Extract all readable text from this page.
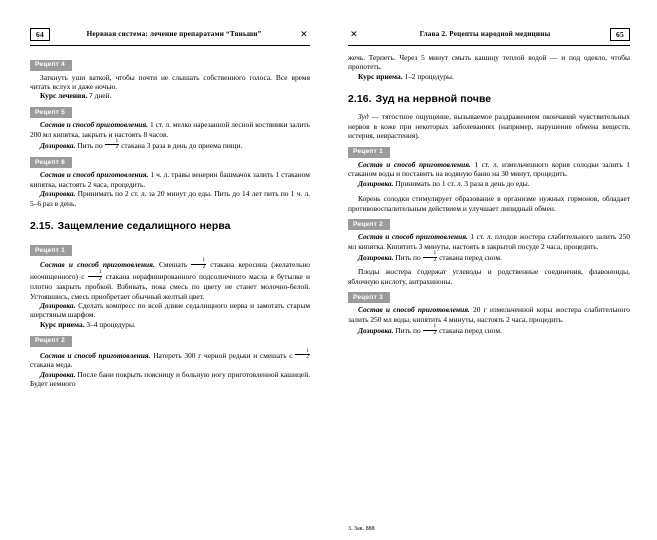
64	Нервная система: лечение препаратами “Тяньши”	✕
Рецепт 4

Заткнуть уши ваткой, чтобы почти не слышать собственного голоса. Все время читать вслух и даже ночью.

Курс лечения. 7 дней.

Рецепт 5

Состав и способ приготовления. 1 ст. л. мелко нарезанной лесной костяники залить 200 мл кипятка, закрыть и настоять 8 часов.

Дозировка. Пить по $\frac{1}{2}$ стакана 3 раза в день до приема пищи.

Рецепт 6

Состав и способ приготовления. 1 ч. л. травы венерин башмачок залить 1 стаканом кипятка, настоять 2 часа, процедить.

Дозировка. Принимать по 2 ст. л. за 20 минут до еды. Пить до 14 лет пить по 1 ч. л. 5–6 раз в день.

2.15. Защемление седалищного нерва
Рецепт 1

Состав и способ приготовления. Смешать $\frac{1}{2}$ стакана керосина (желательно неочищенного) с $\frac{1}{2}$ стакана нерафинированного подсолнечного масла в бутылке и плотно закрыть пробкой. Взбивать, пока смесь по цвету не станет молочно-белой. Устоявшись, смесь приобретает обычный желтый цвет.

Дозировка. Сделать компресс по всей длине седалищного нерва и замотать старым шерстяным шарфом.

Курс приема. 3–4 процедуры.

Рецепт 2

Состав и способ приготовления. Натереть 300 г черной редьки и смешать с $\frac{1}{2}$
стакана меда.

Дозировка. После бани покрыть поясницу и больную ногу приготовленной кашицей. Будет немного

✕	Глава 2. Рецепты народной медицины	65

жечь. Терпеть. Через 5 минут смыть кашицу теплой водой — и под одеяло, чтобы пропотеть.

Курс приема. 1–2 процедуры.

2.16. Зуд на нервной почве

Зуд — тягостное ощущение, вызываемое раздражением окончаний чувствительных нервов в коже при некоторых заболеваниях (например, нарушение обмена веществ, истерия, неврастения).

Рецепт 1

Состав и способ приготовления. 1 ст. л. измельченного корня солодки залить 1 стаканом воды и поставить на водяную баню на 30 минут, процедить.

Дозировка. Принимать по 1 ст. л. 3 раза в день до еды.

Корень солодки стимулирует образование в организме нужных гормонов, обладает противовоспалительным действием и улучшает липидный обмен.

Рецепт 2

Состав и способ приготовления. 1 ст. л. плодов жостера слабительного залить 250 мл кипятка. Кипятить 3 минуты, настоять в закрытой посуде 2 часа, процедить.

Дозировка. Пить по $\frac{1}{2}$ стакана перед сном.

Плоды жостера содержат углеводы и родственные соединения, флавоноиды, яблочную кислоту, антрахиноны.

Рецепт 3

Состав и способ приготовления. 20 г измельченной коры жостера слабительного залить 250 мл воды, кипятить 4 минуты, настоять 2 часа, процедить.

Дозировка. Пить по $\frac{1}{2}$ стакана перед сном.

3. Зак. 888
